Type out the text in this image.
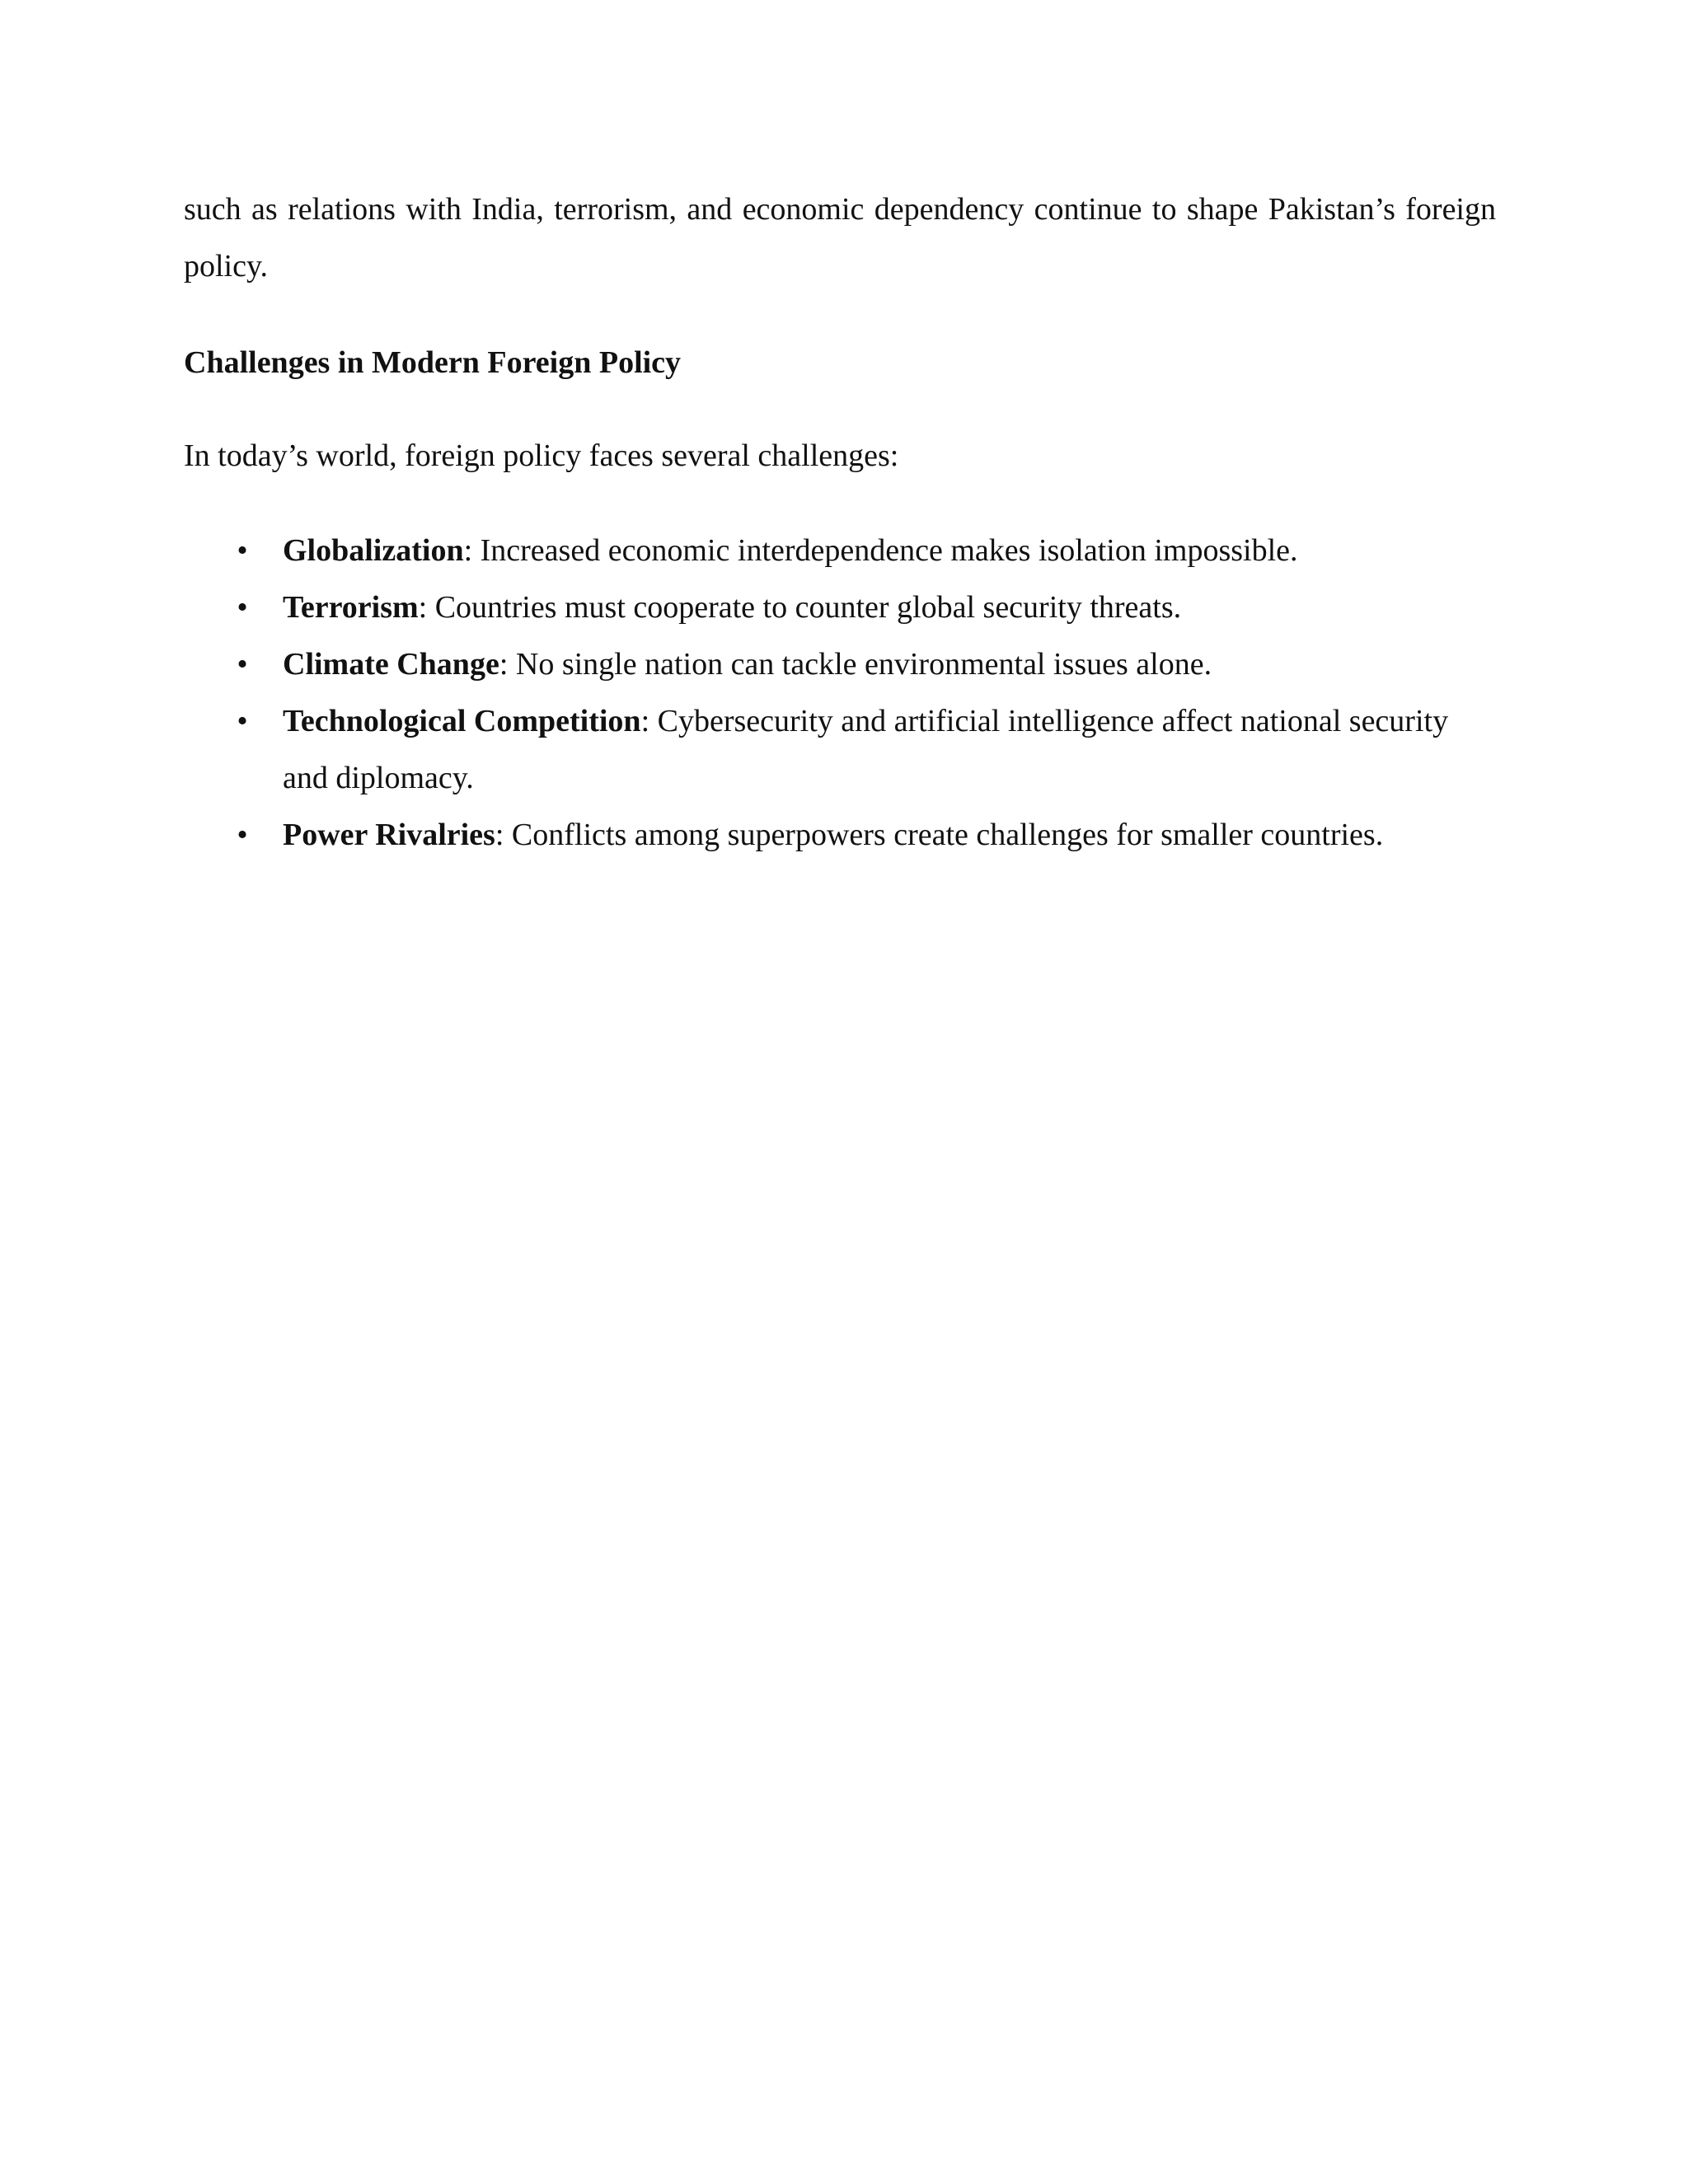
such as relations with India, terrorism, and economic dependency continue to shape Pakistan’s foreign policy.

Challenges in Modern Foreign Policy

In today’s world, foreign policy faces several challenges:

• Globalization: Increased economic interdependence makes isolation impossible.
• Terrorism: Countries must cooperate to counter global security threats.
• Climate Change: No single nation can tackle environmental issues alone.
• Technological Competition: Cybersecurity and artificial intelligence affect national security and diplomacy.
• Power Rivalries: Conflicts among superpowers create challenges for smaller countries.
